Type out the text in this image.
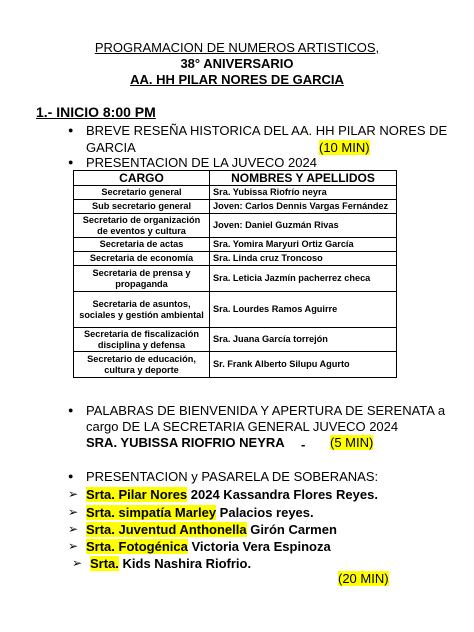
PROGRAMACION DE NUMEROS ARTISTICOS,
38° ANIVERSARIO
AA. HH PILAR NORES DE GARCIA
1.- INICIO 8:00 PM
● BREVE RESEÑA HISTORICA DEL AA. HH PILAR NORES DE
GARCIA	(10 MIN)
● PRESENTACION DE LA JUVECO 2024
CARGO	NOMBRES Y APELLIDOS
Secretario general	Sra. Yubissa Riofrío neyra
Sub secretario general	Joven: Carlos Dennis Vargas Fernández
Secretario de organización de eventos y cultura	Joven: Daniel Guzmán Rivas
Secretaria de actas	Sra. Yomira Maryuri Ortiz García
Secretaria de economía	Sra. Linda cruz Troncoso
Secretaria de prensa y propaganda	Sra. Leticia Jazmín pacherrez checa
Secretaria de asuntos, sociales y gestión ambiental	Sra. Lourdes Ramos Aguirre
Secretaria de fiscalización disciplina y defensa	Sra. Juana García torrejón
Secretario de educación, cultura y deporte	Sr. Frank Alberto Silupu Agurto
● PALABRAS DE BIENVENIDA Y APERTURA DE SERENATA a
cargo DE LA SECRETARIA GENERAL JUVECO 2024
SRA. YUBISSA RIOFRIO NEYRA - (5 MIN)
● PRESENTACION y PASARELA DE SOBERANAS:
➢ Srta. Pilar Nores 2024 Kassandra Flores Reyes.
➢ Srta. simpatía Marley Palacios reyes.
➢ Srta. Juventud Anthonella Girón Carmen
➢ Srta. Fotogénica Victoria Vera Espinoza
➢ Srta. Kids Nashira Riofrio.
(20 MIN)
